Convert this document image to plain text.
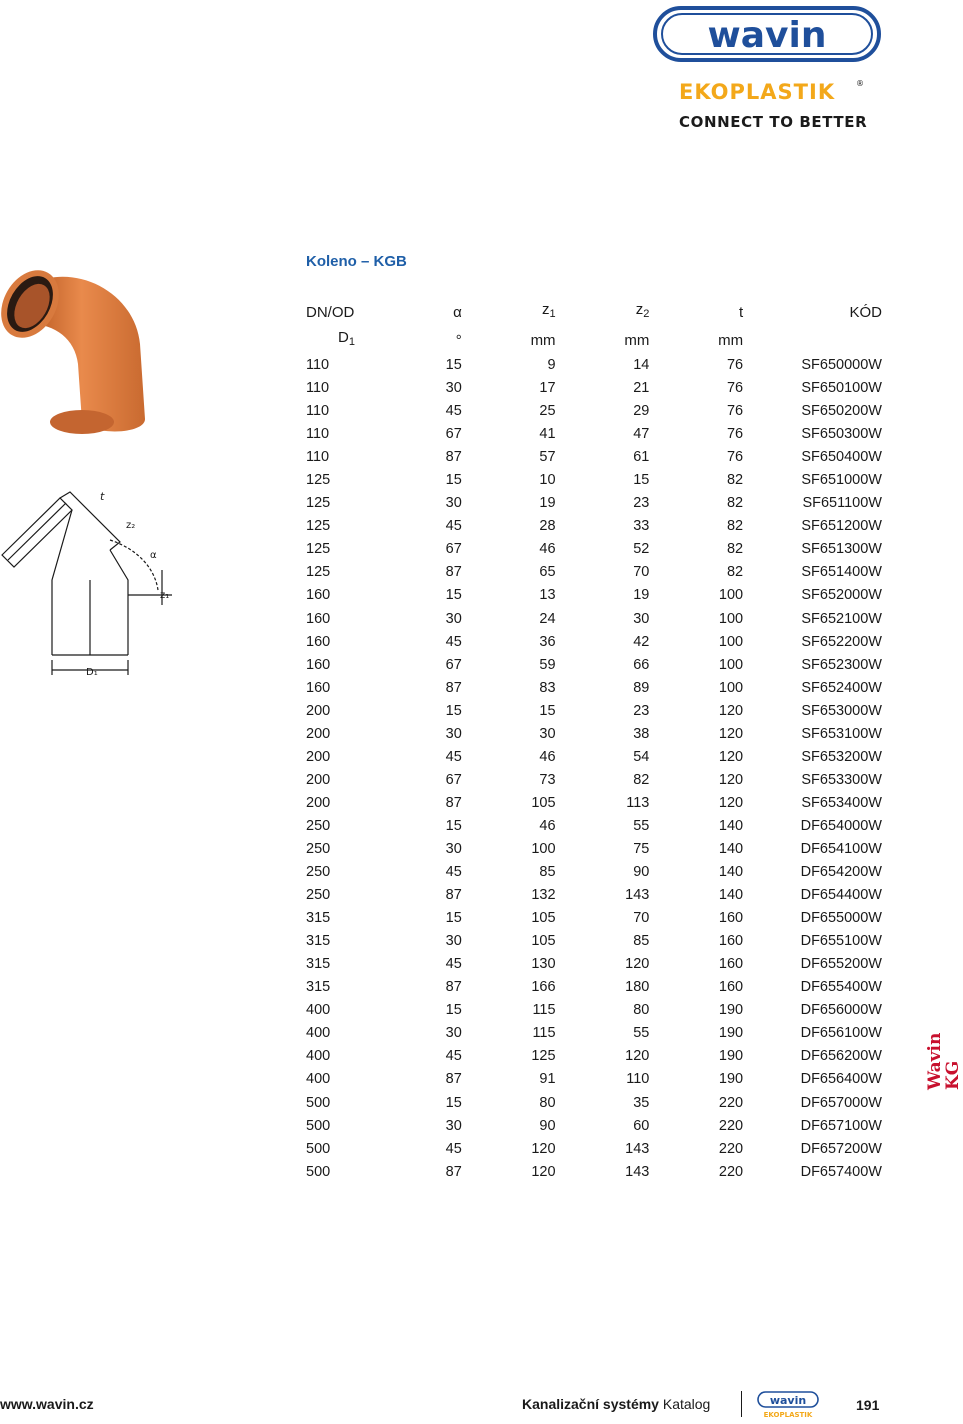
wavin
EKOPLASTIK	®
CONNECT TO BETTER
Koleno – KGB
t
z₂
α
z₁
D₁
DN/OD	α	$z_1$	$z_2$	t	KÓD
$D_1$	°	mm	mm	mm	
110	15	9	14	76	SF650000W
110	30	17	21	76	SF650100W
110	45	25	29	76	SF650200W
110	67	41	47	76	SF650300W
110	87	57	61	76	SF650400W
125	15	10	15	82	SF651000W
125	30	19	23	82	SF651100W
125	45	28	33	82	SF651200W
125	67	46	52	82	SF651300W
125	87	65	70	82	SF651400W
160	15	13	19	100	SF652000W
160	30	24	30	100	SF652100W
160	45	36	42	100	SF652200W
160	67	59	66	100	SF652300W
160	87	83	89	100	SF652400W
200	15	15	23	120	SF653000W
200	30	30	38	120	SF653100W
200	45	46	54	120	SF653200W
200	67	73	82	120	SF653300W
200	87	105	113	120	SF653400W
250	15	46	55	140	DF654000W
250	30	100	75	140	DF654100W
250	45	85	90	140	DF654200W
250	87	132	143	140	DF654400W
315	15	105	70	160	DF655000W
315	30	105	85	160	DF655100W
315	45	130	120	160	DF655200W
315	87	166	180	160	DF655400W
400	15	115	80	190	DF656000W
400	30	115	55	190	DF656100W
400	45	125	120	190	DF656200W
400	87	91	110	190	DF656400W
500	15	80	35	220	DF657000W
500	30	90	60	220	DF657100W
500	45	120	143	220	DF657200W
500	87	120	143	220	DF657400W
Wavin
KG
www.wavin.cz	Kanalizační systémy Katalog	wavin
EKOPLASTIK
191
